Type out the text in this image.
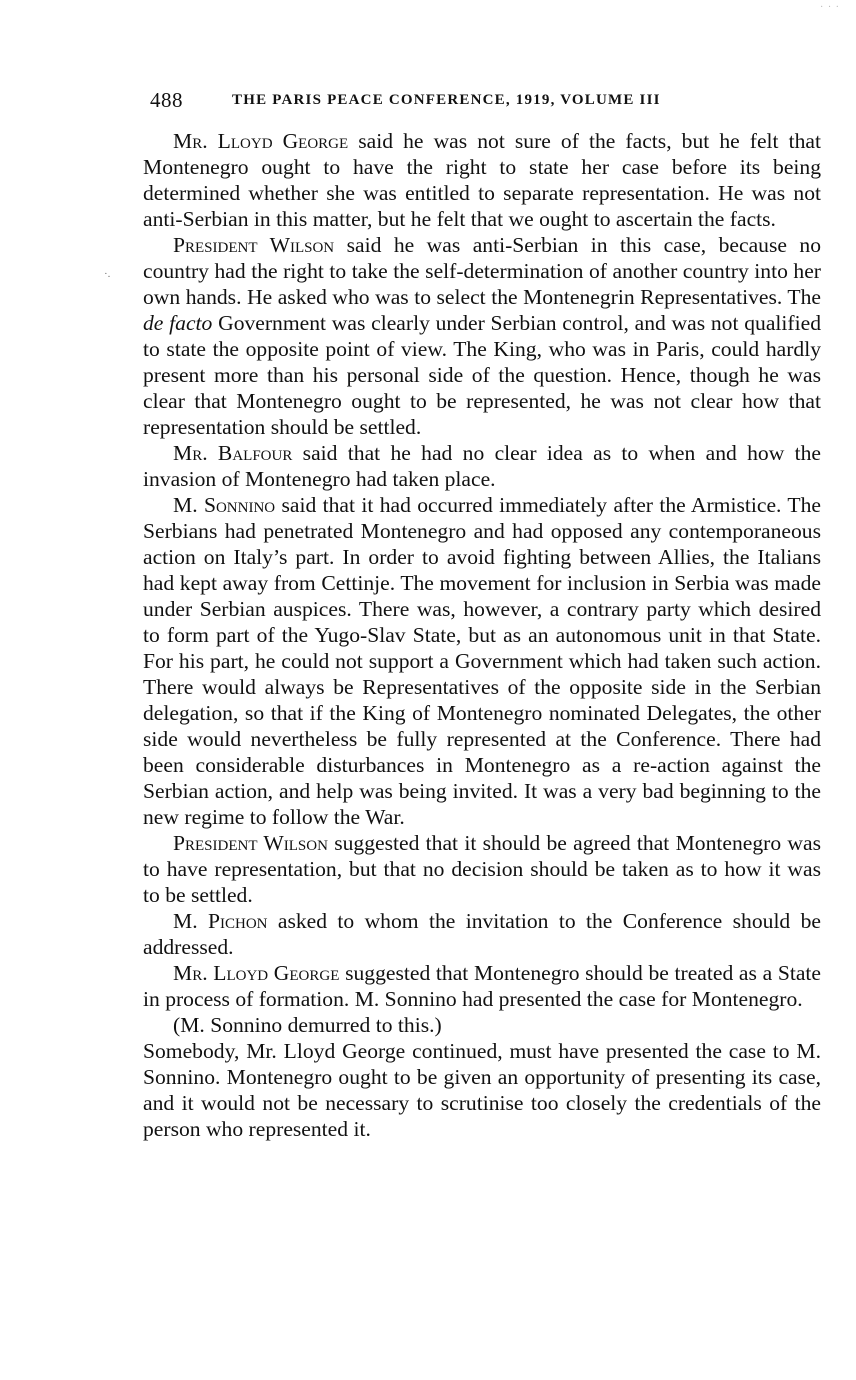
· · ·
488	THE PARIS PEACE CONFERENCE, 1919, VOLUME III
·.

Mr. Lloyd George said he was not sure of the facts, but he felt that Montenegro ought to have the right to state her case before its being determined whether she was entitled to separate representation. He was not anti-Serbian in this matter, but he felt that we ought to ascertain the facts.

President Wilson said he was anti-Serbian in this case, because no country had the right to take the self-determination of another country into her own hands. He asked who was to select the Montenegrin Representatives. The de facto Government was clearly under Serbian control, and was not qualified to state the opposite point of view. The King, who was in Paris, could hardly present more than his personal side of the question. Hence, though he was clear that Montenegro ought to be represented, he was not clear how that representation should be settled.

Mr. Balfour said that he had no clear idea as to when and how the invasion of Montenegro had taken place.

M. Sonnino said that it had occurred immediately after the Armistice. The Serbians had penetrated Montenegro and had opposed any contemporaneous action on Italy’s part. In order to avoid fighting between Allies, the Italians had kept away from Cettinje. The movement for inclusion in Serbia was made under Serbian auspices. There was, however, a contrary party which desired to form part of the Yugo-Slav State, but as an autonomous unit in that State. For his part, he could not support a Government which had taken such action. There would always be Representatives of the opposite side in the Serbian delegation, so that if the King of Montenegro nominated Delegates, the other side would nevertheless be fully represented at the Conference. There had been considerable disturbances in Montenegro as a re-action against the Serbian action, and help was being invited. It was a very bad beginning to the new regime to follow the War.

President Wilson suggested that it should be agreed that Montenegro was to have representation, but that no decision should be taken as to how it was to be settled.

M. Pichon asked to whom the invitation to the Conference should be addressed.

Mr. Lloyd George suggested that Montenegro should be treated as a State in process of formation. M. Sonnino had presented the case for Montenegro.

(M. Sonnino demurred to this.)

Somebody, Mr. Lloyd George continued, must have presented the case to M. Sonnino. Montenegro ought to be given an opportunity of presenting its case, and it would not be necessary to scrutinise too closely the credentials of the person who represented it.
